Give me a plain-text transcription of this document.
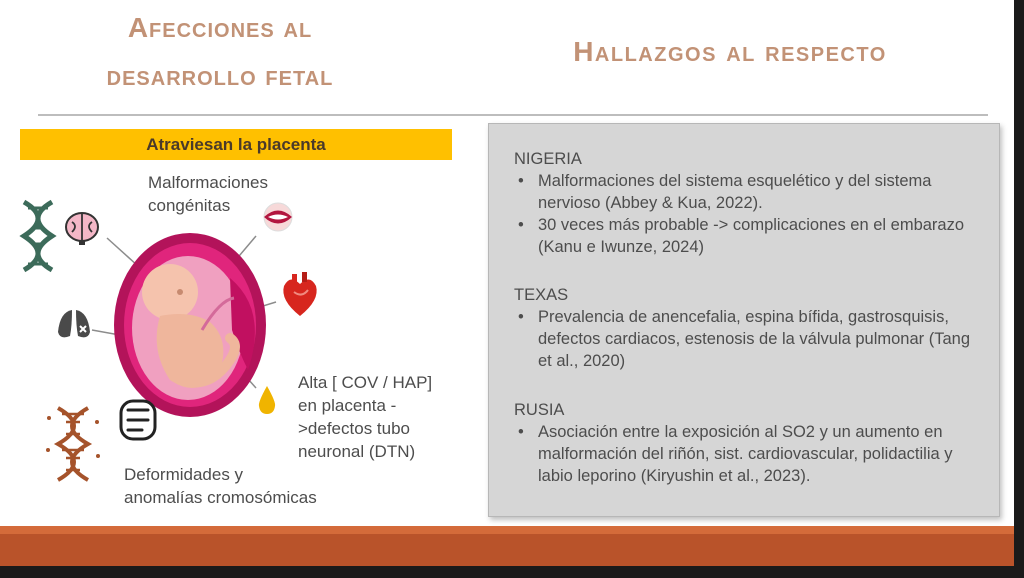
Afecciones al
desarrollo fetal
Hallazgos al respecto
Atraviesan la placenta
Malformaciones congénitas
Alta [ COV / HAP]
en placenta -
>defectos tubo
neuronal (DTN)
Deformidades y
anomalías cromosómicas
NIGERIA
• Malformaciones del sistema esquelético y del sistema nervioso (Abbey & Kua, 2022).
• 30 veces más probable -> complicaciones en el embarazo (Kanu e Iwunze, 2024)
TEXAS
• Prevalencia de anencefalia, espina bífida, gastrosquisis, defectos cardiacos, estenosis de la válvula pulmonar (Tang et al., 2020)
RUSIA
• Asociación entre la exposición al SO2 y un aumento en malformación del riñón, sist. cardiovascular, polidactilia y labio leporino (Kiryushin et al., 2023).
